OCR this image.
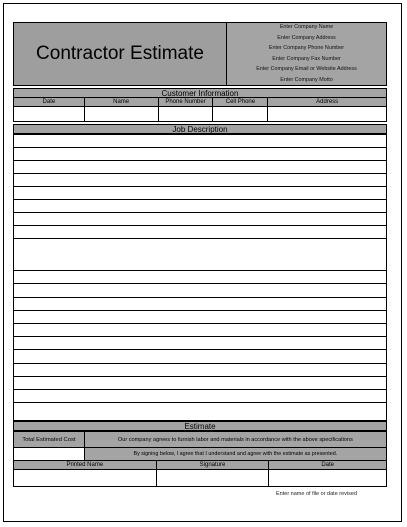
Contractor Estimate
Enter Company Name
Enter Company Address
Enter Company Phone Number
Enter Company Fax Number
Enter Company Email or Website Address
Enter Company Motto
Customer Information
Date	Name	Phone Number	Cell Phone	Address

Job Description
Estimate
Total Estimated Cost	Our company agrees to furnish labor and materials in accordance with the above specifications
	By signing below, I agree that I understand and agree with the estimate as presented.
Printed Name	Signature	Date

Enter name of file or date revised
